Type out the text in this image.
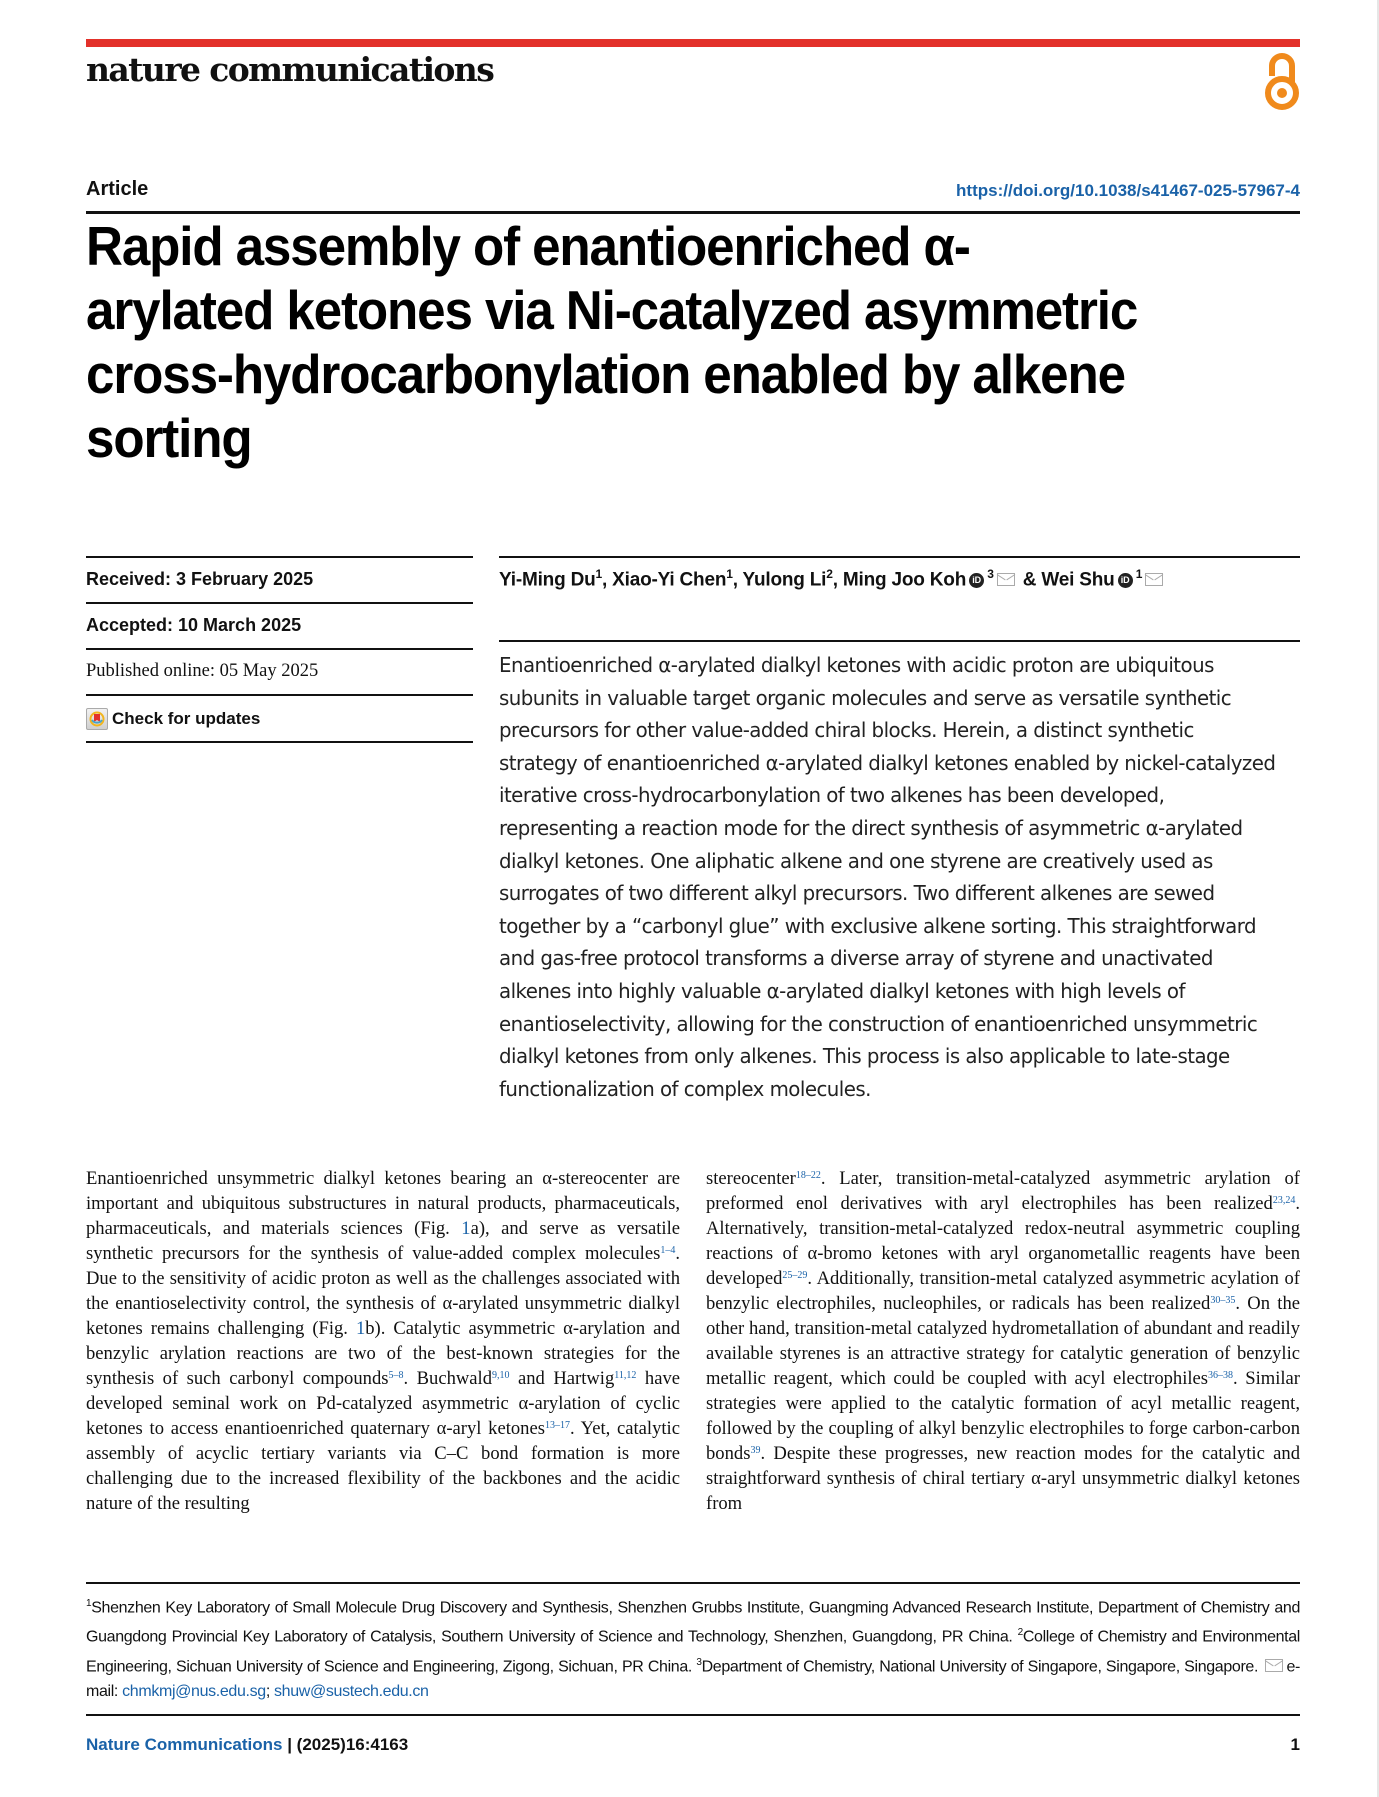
nature communications
Article	https://doi.org/10.1038/s41467-025-57967-4
Rapid assembly of enantioenriched α-arylated ketones via Ni-catalyzed asymmetric cross-hydrocarbonylation enabled by alkene sorting
Received: 3 February 2025
Accepted: 10 March 2025
Published online: 05 May 2025
Check for updates
Yi-Ming Du$^1$, Xiao-Yi Chen$^1$, Yulong Li$^2$, Ming Joo Koh iD $^3$ & Wei Shu iD $^1$

Enantioenriched α-arylated dialkyl ketones with acidic proton are ubiquitous subunits in valuable target organic molecules and serve as versatile synthetic precursors for other value-added chiral blocks. Herein, a distinct synthetic strategy of enantioenriched α-arylated dialkyl ketones enabled by nickel-catalyzed iterative cross-hydrocarbonylation of two alkenes has been developed, representing a reaction mode for the direct synthesis of asymmetric α-arylated dialkyl ketones. One aliphatic alkene and one styrene are creatively used as surrogates of two different alkyl precursors. Two different alkenes are sewed together by a “carbonyl glue” with exclusive alkene sorting. This straightforward and gas-free protocol transforms a diverse array of styrene and unactivated alkenes into highly valuable α-arylated dialkyl ketones with high levels of enantioselectivity, allowing for the construction of enantioenriched unsymmetric dialkyl ketones from only alkenes. This process is also applicable to late-stage functionalization of complex molecules.

Enantioenriched unsymmetric dialkyl ketones bearing an α-stereocenter are important and ubiquitous substructures in natural products, pharmaceuticals, pharmaceuticals, and materials sciences (Fig. 1a), and serve as versatile synthetic precursors for the synthesis of value-added complex molecules$^{1-4}$. Due to the sensitivity of acidic proton as well as the challenges associated with the enantioselectivity control, the synthesis of α-arylated unsymmetric dialkyl ketones remains challenging (Fig. 1b). Catalytic asymmetric α-arylation and benzylic arylation reactions are two of the best-known strategies for the synthesis of such carbonyl compounds$^{5-8}$. Buchwald$^{9,10}$ and Hartwig$^{11,12}$ have developed seminal work on Pd-catalyzed asymmetric α-arylation of cyclic ketones to access enantioenriched quaternary α-aryl ketones$^{13-17}$. Yet, catalytic assembly of acyclic tertiary variants via C–C bond formation is more challenging due to the increased flexibility of the backbones and the acidic nature of the resulting
stereocenter$^{18-22}$. Later, transition-metal-catalyzed asymmetric arylation of preformed enol derivatives with aryl electrophiles has been realized$^{23,24}$. Alternatively, transition-metal-catalyzed redox-neutral asymmetric coupling reactions of α-bromo ketones with aryl organometallic reagents have been developed$^{25-29}$. Additionally, transition-metal catalyzed asymmetric acylation of benzylic electrophiles, nucleophiles, or radicals has been realized$^{30-35}$. On the other hand, transition-metal catalyzed hydrometallation of abundant and readily available styrenes is an attractive strategy for catalytic generation of benzylic metallic reagent, which could be coupled with acyl electrophiles$^{36-38}$. Similar strategies were applied to the catalytic formation of acyl metallic reagent, followed by the coupling of alkyl benzylic electrophiles to forge carbon-carbon bonds$^{39}$. Despite these progresses, new reaction modes for the catalytic and straightforward synthesis of chiral tertiary α-aryl unsymmetric dialkyl ketones from
$^1$Shenzhen Key Laboratory of Small Molecule Drug Discovery and Synthesis, Shenzhen Grubbs Institute, Guangming Advanced Research Institute, Department of Chemistry and Guangdong Provincial Key Laboratory of Catalysis, Southern University of Science and Technology, Shenzhen, Guangdong, PR China. $^2$College of Chemistry and Environmental Engineering, Sichuan University of Science and Engineering, Zigong, Sichuan, PR China. $^3$Department of Chemistry, National University of Singapore, Singapore, Singapore. e-mail: chmkmj@nus.edu.sg; shuw@sustech.edu.cn
Nature Communications | (2025)16:4163	1
